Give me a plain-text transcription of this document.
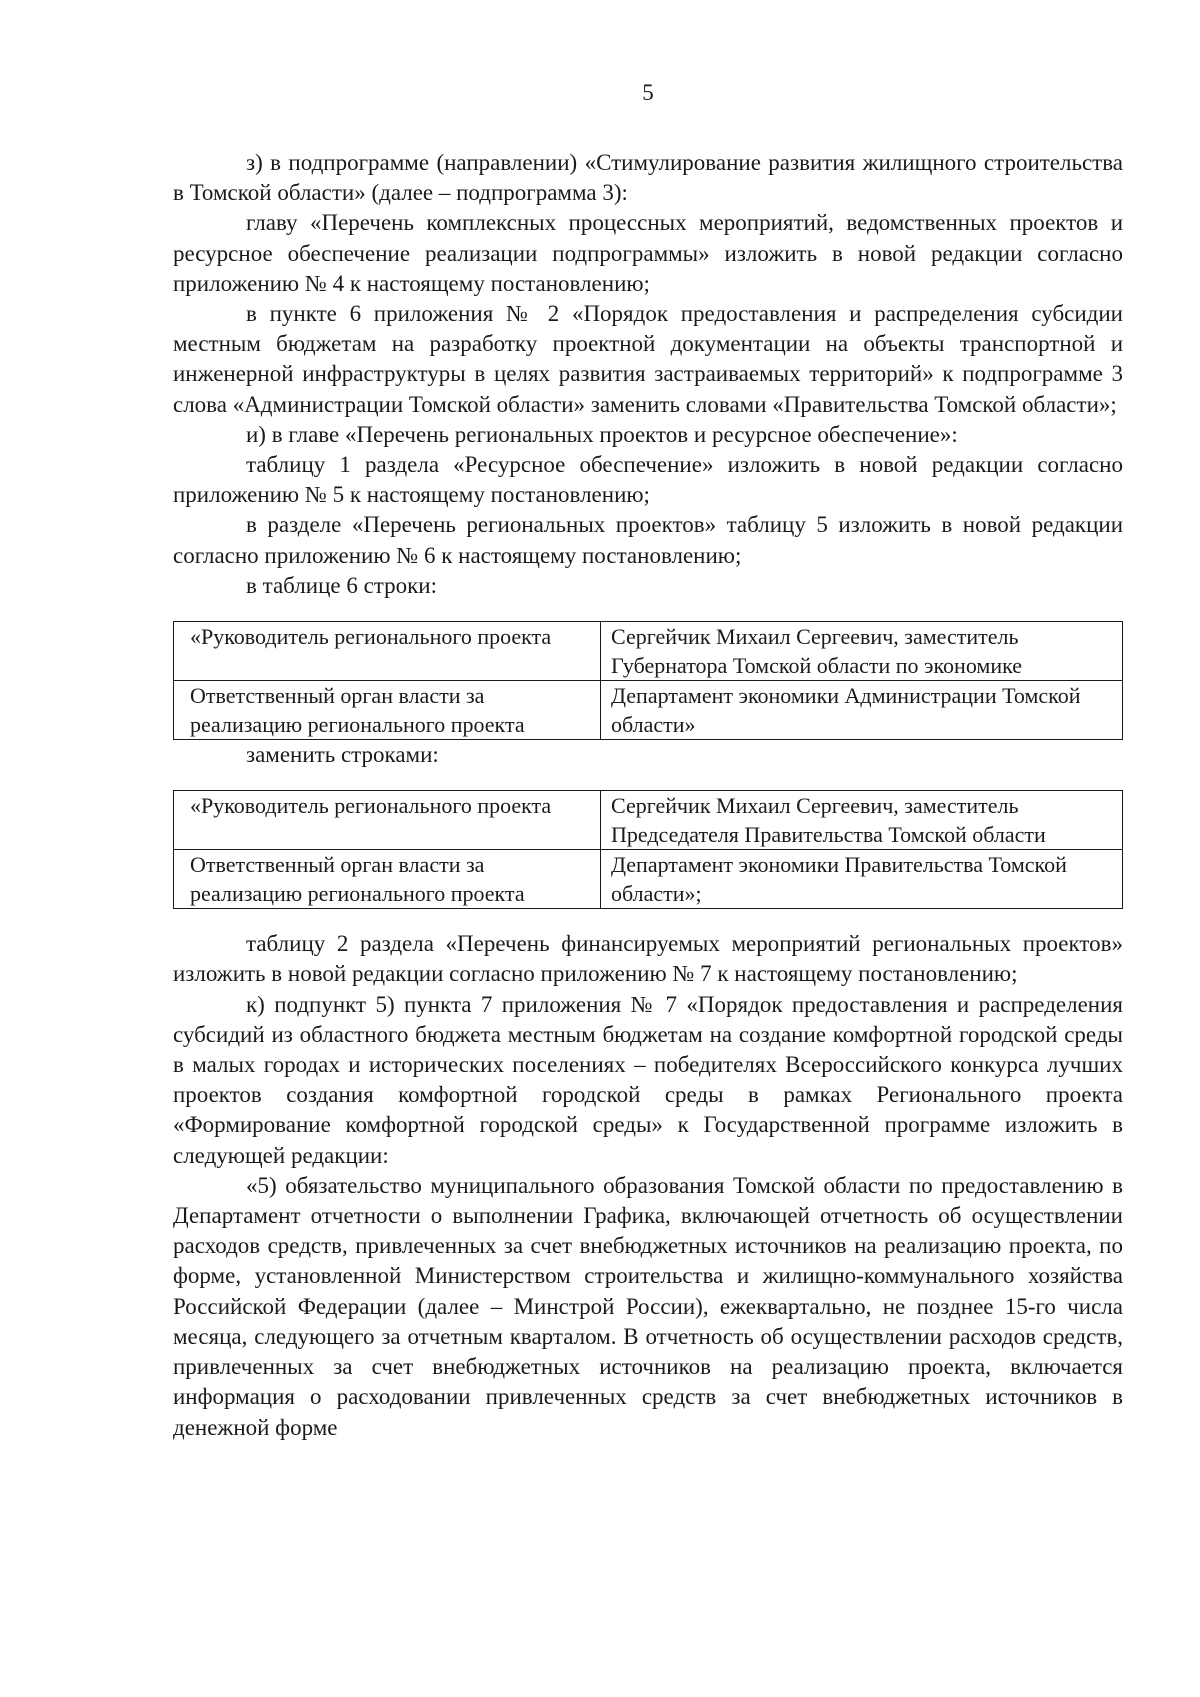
5

з) в подпрограмме (направлении) «Стимулирование развития жилищного строительства в Томской области» (далее – подпрограмма 3):

главу «Перечень комплексных процессных мероприятий, ведомственных проектов и ресурсное обеспечение реализации подпрограммы» изложить в новой редакции согласно приложению № 4 к настоящему постановлению;

в пункте 6 приложения № 2 «Порядок предоставления и распределения субсидии местным бюджетам на разработку проектной документации на объекты транспортной и инженерной инфраструктуры в целях развития застраиваемых территорий» к подпрограмме 3 слова «Администрации Томской области» заменить словами «Правительства Томской области»;

и) в главе «Перечень региональных проектов и ресурсное обеспечение»:

таблицу 1 раздела «Ресурсное обеспечение» изложить в новой редакции согласно приложению № 5 к настоящему постановлению;

в разделе «Перечень региональных проектов» таблицу 5 изложить в новой редакции согласно приложению № 6 к настоящему постановлению;

в таблице 6 строки:

«Руководитель регионального проекта	Сергейчик Михаил Сергеевич, заместитель Губернатора Томской области по экономике
Ответственный орган власти за реализацию регионального проекта	Департамент экономики Администрации Томской области»

заменить строками:

«Руководитель регионального проекта	Сергейчик Михаил Сергеевич, заместитель Председателя Правительства Томской области
Ответственный орган власти за реализацию регионального проекта	Департамент экономики Правительства Томской области»;

таблицу 2 раздела «Перечень финансируемых мероприятий региональных проектов» изложить в новой редакции согласно приложению № 7 к настоящему постановлению;

к) подпункт 5) пункта 7 приложения № 7 «Порядок предоставления и распределения субсидий из областного бюджета местным бюджетам на создание комфортной городской среды в малых городах и исторических поселениях – победителях Всероссийского конкурса лучших проектов создания комфортной городской среды в рамках Регионального проекта «Формирование комфортной городской среды» к Государственной программе изложить в следующей редакции:

«5) обязательство муниципального образования Томской области по предоставлению в Департамент отчетности о выполнении Графика, включающей отчетность об осуществлении расходов средств, привлеченных за счет внебюджетных источников на реализацию проекта, по форме, установленной Министерством строительства и жилищно-коммунального хозяйства Российской Федерации (далее – Минстрой России), ежеквартально, не позднее 15-го числа месяца, следующего за отчетным кварталом. В отчетность об осуществлении расходов средств, привлеченных за счет внебюджетных источников на реализацию проекта, включается информация о расходовании привлеченных средств за счет внебюджетных источников в денежной форме
